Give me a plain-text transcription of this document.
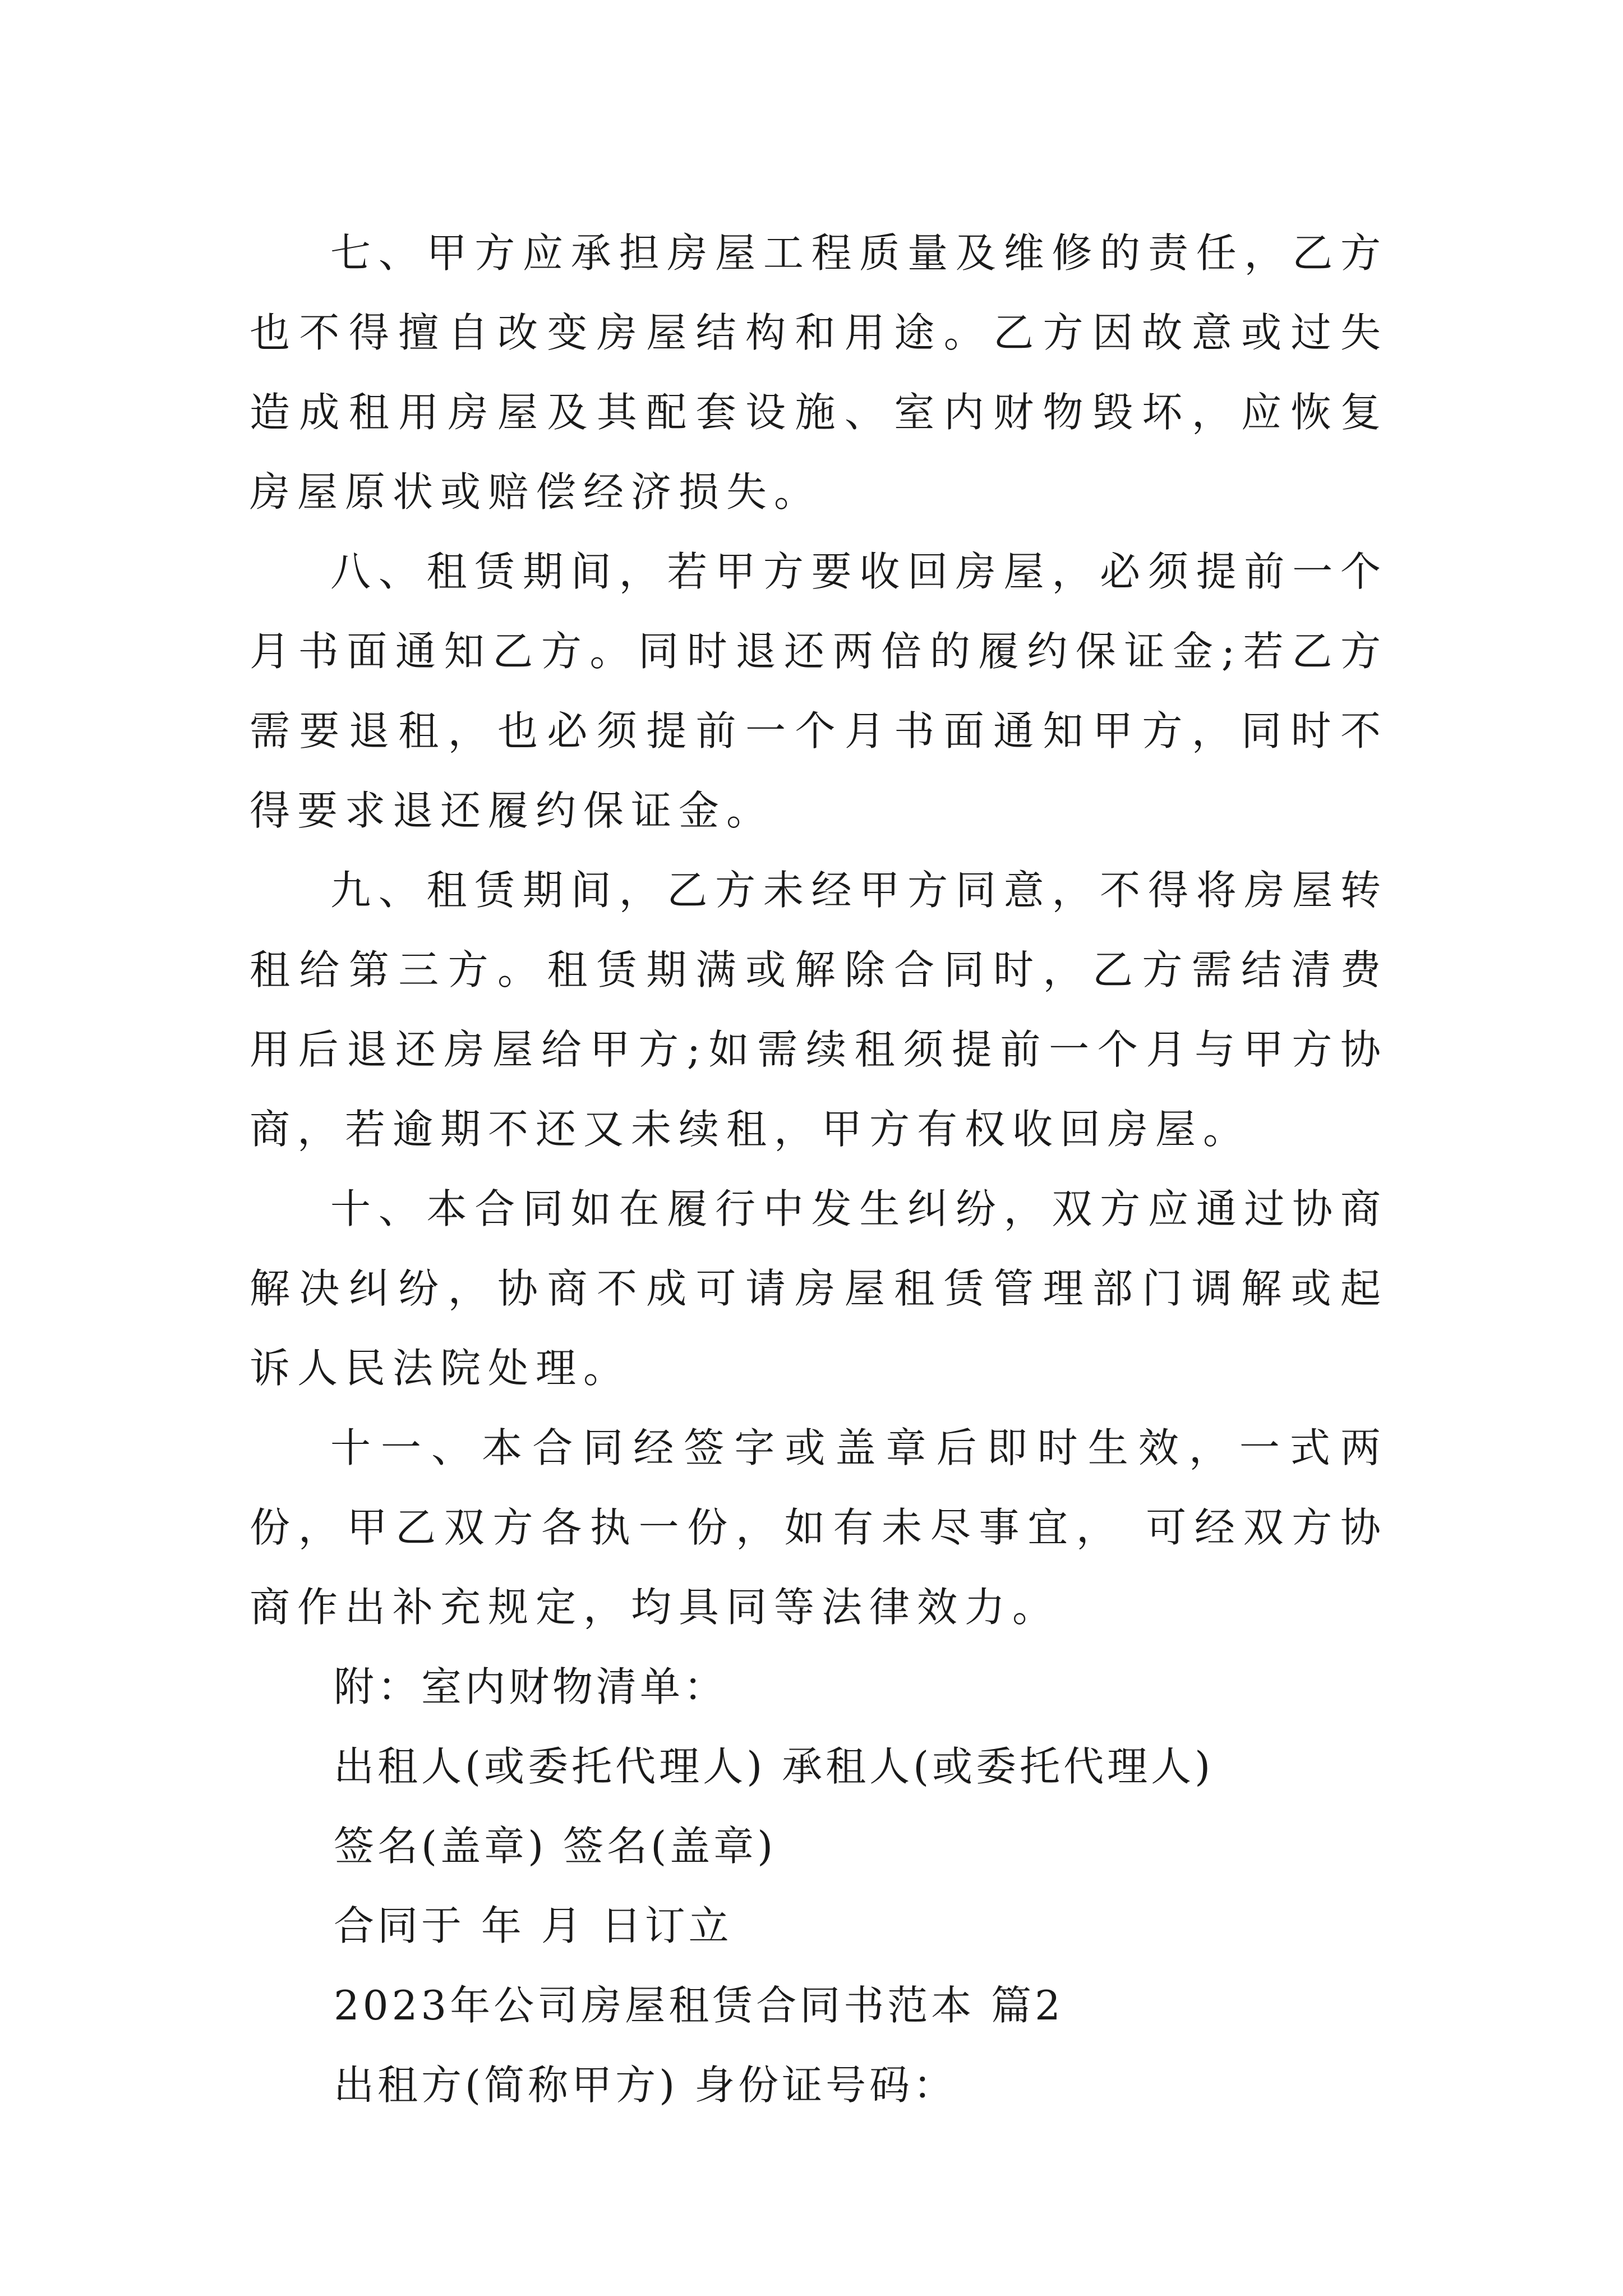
七、甲方应承担房屋工程质量及维修的责任，乙方也不得擅自改变房屋结构和用途。乙方因故意或过失造成租用房屋及其配套设施、室内财物毁坏，应恢复房屋原状或赔偿经济损失。

八、租赁期间，若甲方要收回房屋，必须提前一个月书面通知乙方。同时退还两倍的履约保证金;若乙方需要退租，也必须提前一个月书面通知甲方，同时不得要求退还履约保证金。

九、租赁期间，乙方未经甲方同意，不得将房屋转租给第三方。租赁期满或解除合同时，乙方需结清费用后退还房屋给甲方;如需续租须提前一个月与甲方协商，若逾期不还又未续租，甲方有权收回房屋。

十、本合同如在履行中发生纠纷，双方应通过协商解决纠纷，协商不成可请房屋租赁管理部门调解或起诉人民法院处理。

十一、本合同经签字或盖章后即时生效，一式两份，甲乙双方各执一份，如有未尽事宜， 可经双方协商作出补充规定，均具同等法律效力。

附：室内财物清单：

出租人(或委托代理人) 承租人(或委托代理人)

签名(盖章) 签名(盖章)

合同于 年 月 日订立

2023年公司房屋租赁合同书范本 篇2

出租方(简称甲方) 身份证号码：
